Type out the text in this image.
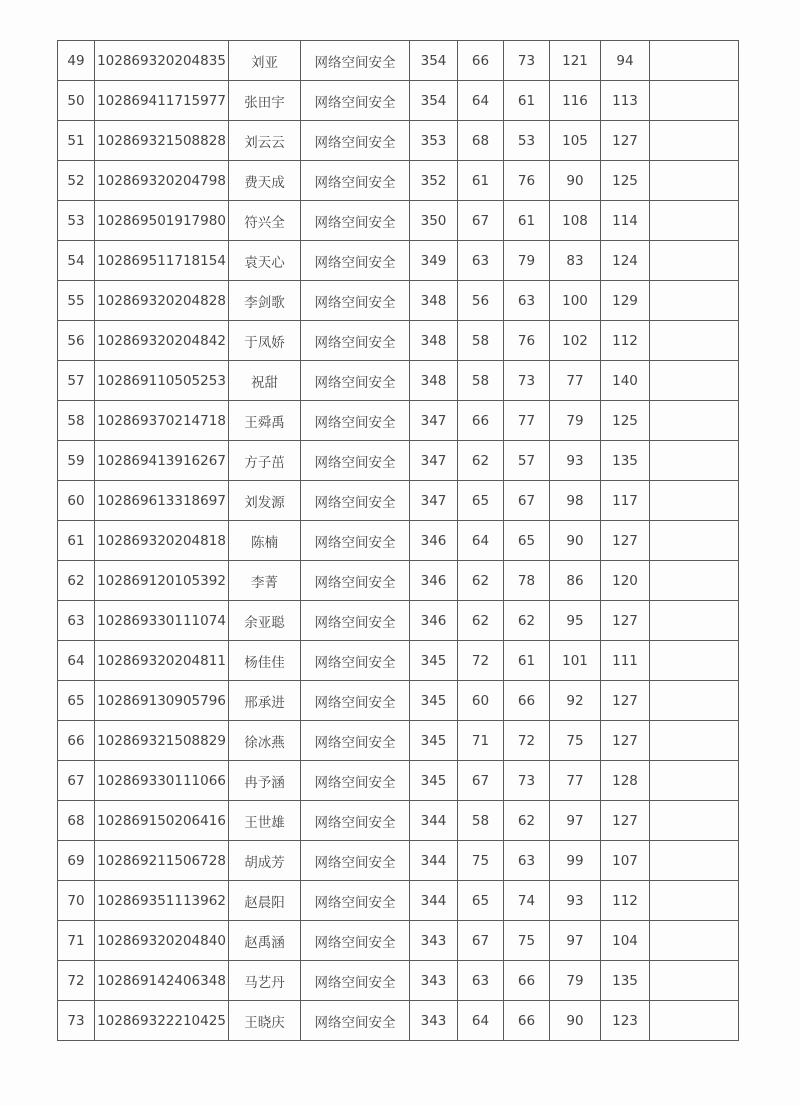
49	102869320204835	刘亚	网络空间安全	354	66	73	121	94	
50	102869411715977	张田宇	网络空间安全	354	64	61	116	113	
51	102869321508828	刘云云	网络空间安全	353	68	53	105	127	
52	102869320204798	费天成	网络空间安全	352	61	76	90	125	
53	102869501917980	符兴全	网络空间安全	350	67	61	108	114	
54	102869511718154	袁天心	网络空间安全	349	63	79	83	124	
55	102869320204828	李剑歌	网络空间安全	348	56	63	100	129	
56	102869320204842	于凤娇	网络空间安全	348	58	76	102	112	
57	102869110505253	祝甜	网络空间安全	348	58	73	77	140	
58	102869370214718	王舜禹	网络空间安全	347	66	77	79	125	
59	102869413916267	方子茁	网络空间安全	347	62	57	93	135	
60	102869613318697	刘发源	网络空间安全	347	65	67	98	117	
61	102869320204818	陈楠	网络空间安全	346	64	65	90	127	
62	102869120105392	李菁	网络空间安全	346	62	78	86	120	
63	102869330111074	余亚聪	网络空间安全	346	62	62	95	127	
64	102869320204811	杨佳佳	网络空间安全	345	72	61	101	111	
65	102869130905796	邢承进	网络空间安全	345	60	66	92	127	
66	102869321508829	徐冰燕	网络空间安全	345	71	72	75	127	
67	102869330111066	冉予涵	网络空间安全	345	67	73	77	128	
68	102869150206416	王世雄	网络空间安全	344	58	62	97	127	
69	102869211506728	胡成芳	网络空间安全	344	75	63	99	107	
70	102869351113962	赵晨阳	网络空间安全	344	65	74	93	112	
71	102869320204840	赵禹涵	网络空间安全	343	67	75	97	104	
72	102869142406348	马艺丹	网络空间安全	343	63	66	79	135	
73	102869322210425	王晓庆	网络空间安全	343	64	66	90	123	
